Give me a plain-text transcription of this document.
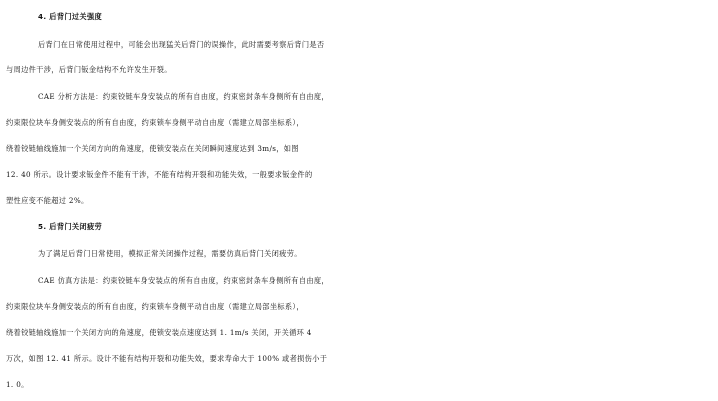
4. 后背门过关强度
后背门在日常使用过程中，可能会出现猛关后背门的误操作，此时需要考察后背门是否
与周边件干涉，后背门钣金结构不允许发生开裂。
CAE 分析方法是：约束铰链车身安装点的所有自由度，约束密封条车身侧所有自由度，
约束限位块车身侧安装点的所有自由度，约束锁车身侧平动自由度（需建立局部坐标系），
绕着铰链轴线施加一个关闭方向的角速度，使锁安装点在关闭瞬间速度达到 3m/s，如图
12. 40 所示。设计要求钣金件不能有干涉，不能有结构开裂和功能失效，一般要求钣金件的
塑性应变不能超过 2%。
5. 后背门关闭疲劳
为了满足后背门日常使用，模拟正常关闭操作过程，需要仿真后背门关闭疲劳。
CAE 仿真方法是：约束铰链车身安装点的所有自由度，约束密封条车身侧所有自由度，
约束限位块车身侧安装点的所有自由度，约束锁车身侧平动自由度（需建立局部坐标系），
绕着铰链轴线施加一个关闭方向的角速度，使锁安装点速度达到 1. 1m/s 关闭，开关循环 4
万次，如图 12. 41 所示。设计不能有结构开裂和功能失效，要求寿命大于 100% 或者损伤小于
1. 0。
